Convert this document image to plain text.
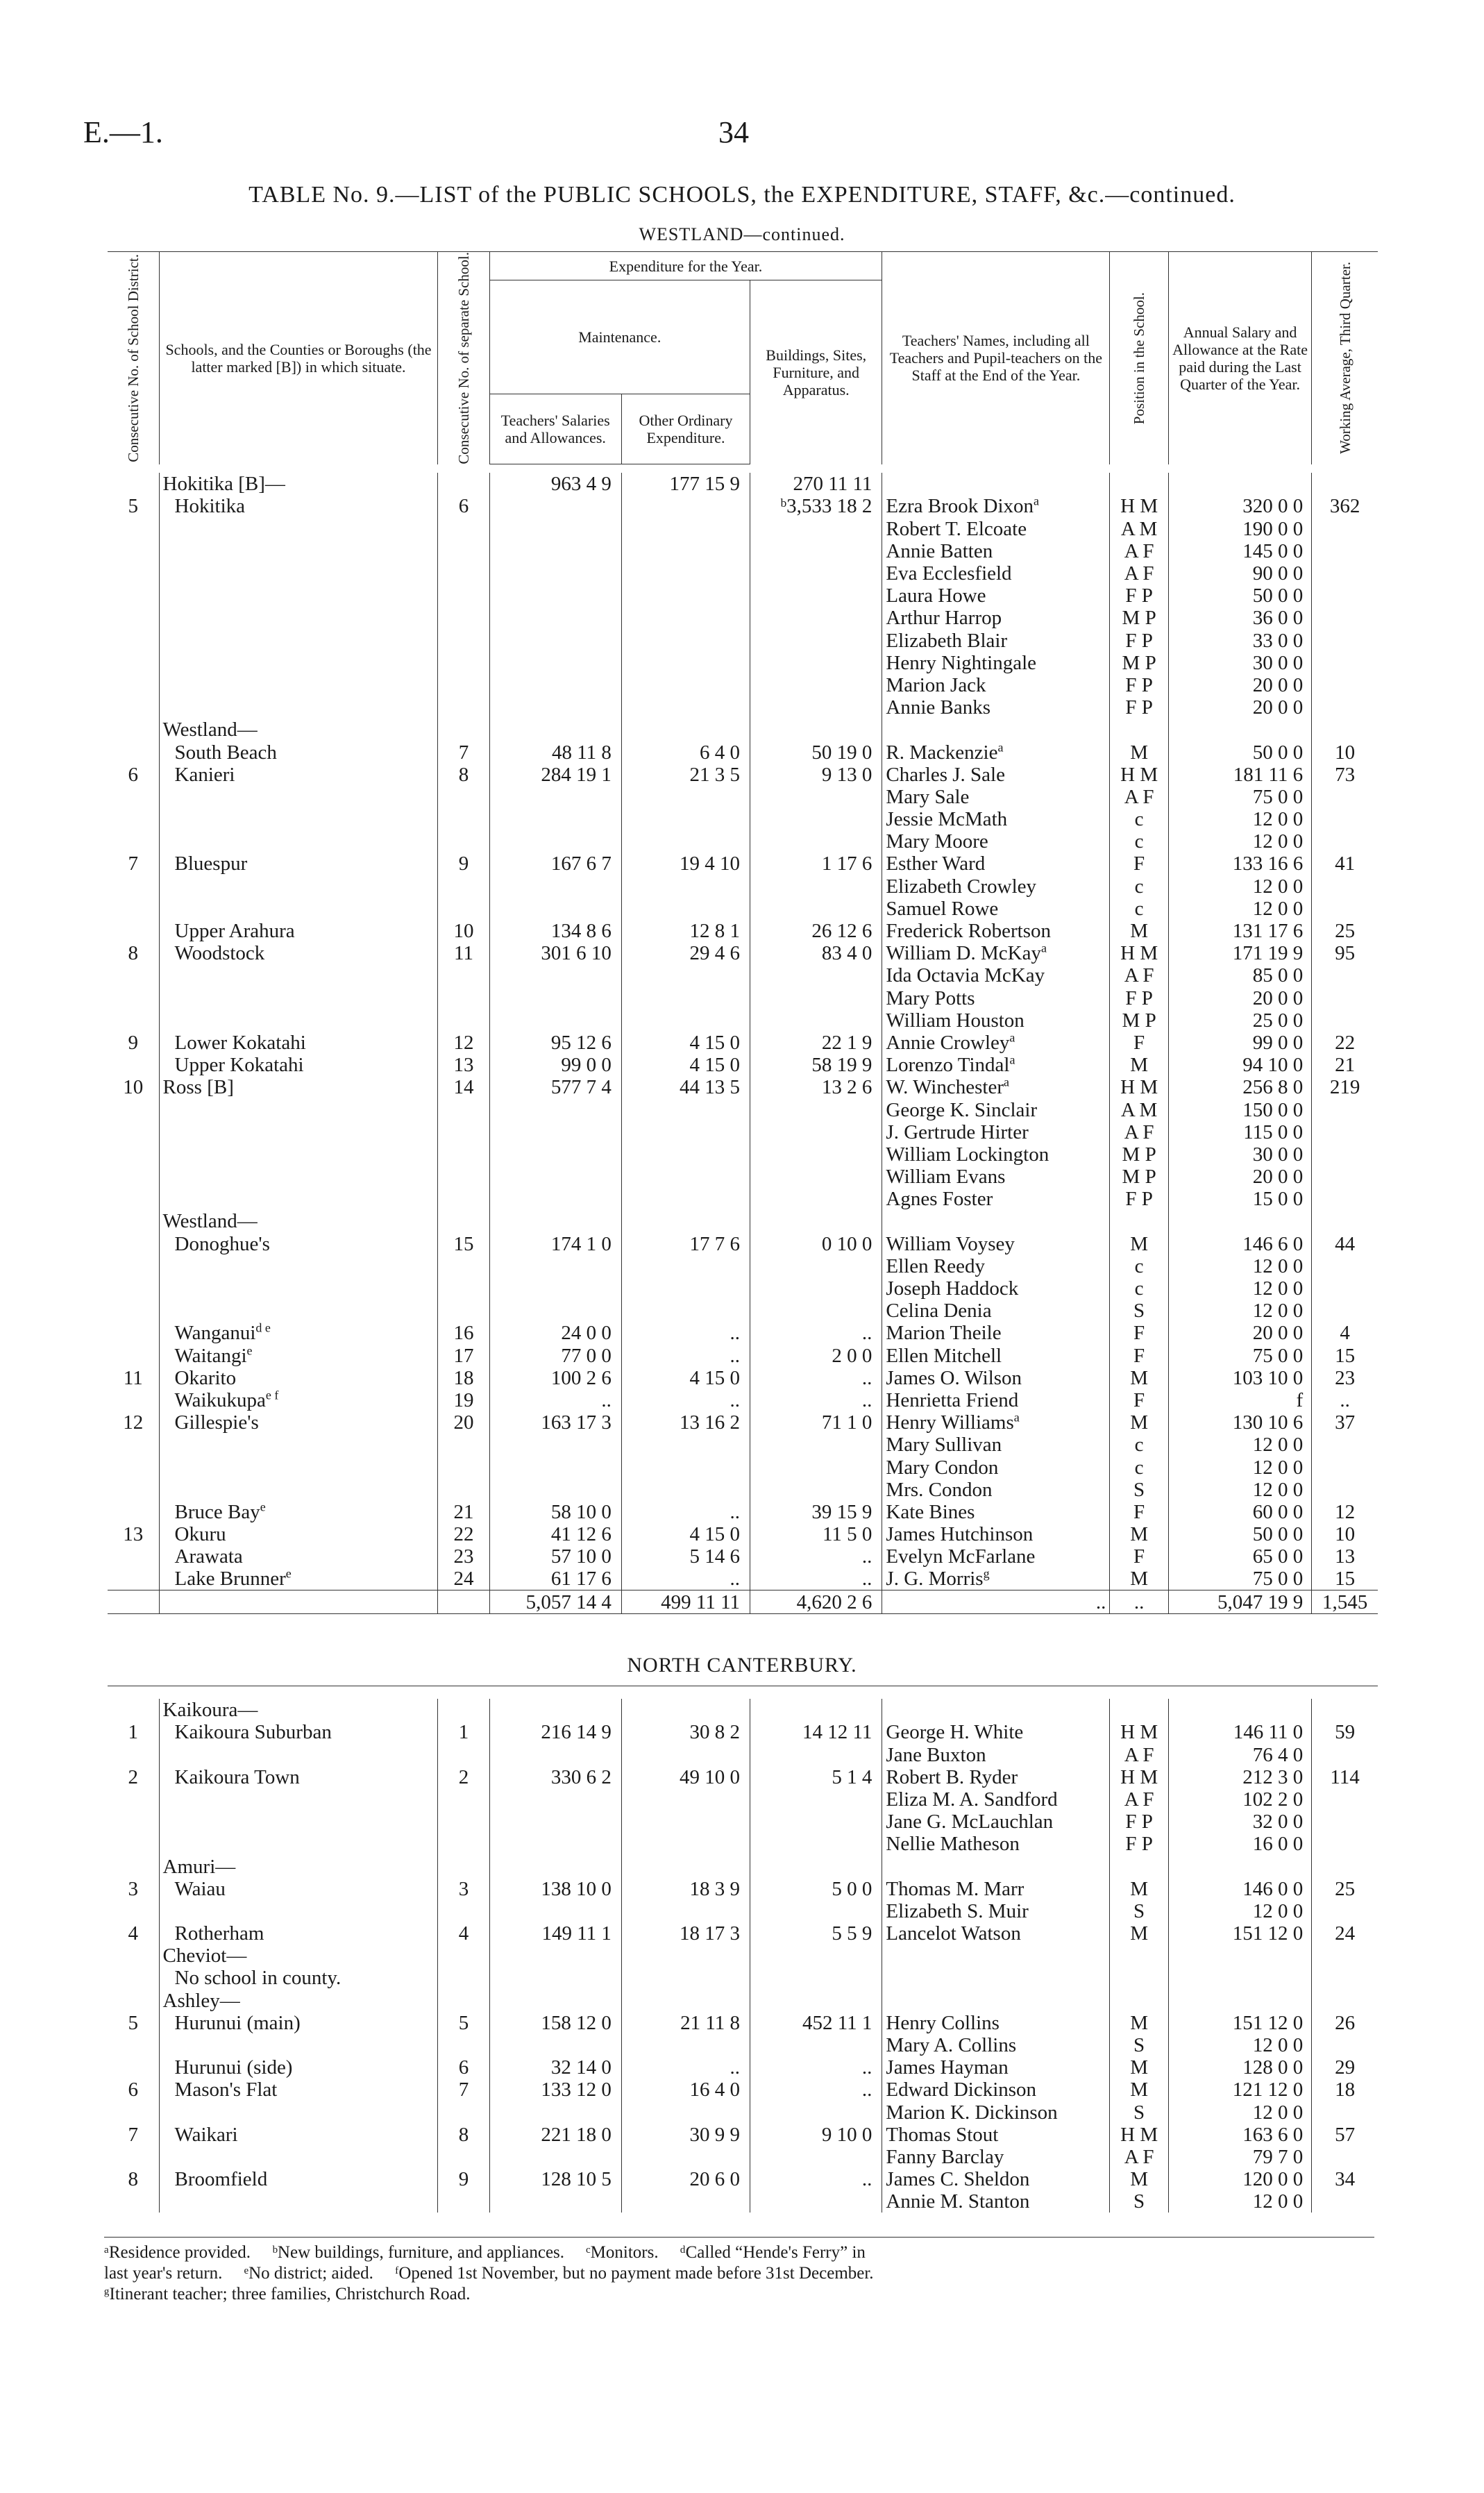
E.—1.	34
TABLE No. 9.—LIST of the PUBLIC SCHOOLS, the EXPENDITURE, STAFF, &c.—continued.
WESTLAND—continued.
Consecutive No. of School District.	Schools, and the Counties or Boroughs (the latter marked [B]) in which situate.	Consecutive No. of separate School.	Expenditure for the Year.			Teachers' Names, including all Teachers and Pupil-teachers on the Staff at the End of the Year.	Position in the School.	Annual Salary and Allowance at the Rate paid during the Last Quarter of the Year.	Working Average, Third Quarter.

			Maintenance.		Buildings, Sites, Furniture, and Apparatus.				
			Teachers' Salaries and Allowances.	Other Ordinary Expenditure.					

	Hokitika [B]—		963 4 9	177 15 9	270 11 11				
5	Hokitika	6			ᵇ3,533 18 2	Ezra Brook Dixon$^a$	H M	320 0 0	362
						Robert T. Elcoate	A M	190 0 0	
						Annie Batten	A F	145 0 0	
						Eva Ecclesfield	A F	90 0 0	
						Laura Howe	F P	50 0 0	
						Arthur Harrop	M P	36 0 0	
						Elizabeth Blair	F P	33 0 0	
						Henry Nightingale	M P	30 0 0	
						Marion Jack	F P	20 0 0	
						Annie Banks	F P	20 0 0	
	Westland—								
	South Beach	7	48 11 8	6 4 0	50 19 0	R. Mackenzie$^a$	M	50 0 0	10
6	Kanieri	8	284 19 1	21 3 5	9 13 0	Charles J. Sale	H M	181 11 6	73
						Mary Sale	A F	75 0 0	
						Jessie McMath	c	12 0 0	
						Mary Moore	c	12 0 0	
7	Bluespur	9	167 6 7	19 4 10	1 17 6	Esther Ward	F	133 16 6	41
						Elizabeth Crowley	c	12 0 0	
						Samuel Rowe	c	12 0 0	
	Upper Arahura	10	134 8 6	12 8 1	26 12 6	Frederick Robertson	M	131 17 6	25
8	Woodstock	11	301 6 10	29 4 6	83 4 0	William D. McKay$^a$	H M	171 19 9	95
						Ida Octavia McKay	A F	85 0 0	
						Mary Potts	F P	20 0 0	
						William Houston	M P	25 0 0	
9	Lower Kokatahi	12	95 12 6	4 15 0	22 1 9	Annie Crowley$^a$	F	99 0 0	22
	Upper Kokatahi	13	99 0 0	4 15 0	58 19 9	Lorenzo Tindal$^a$	M	94 10 0	21
10	Ross [B]	14	577 7 4	44 13 5	13 2 6	W. Winchester$^a$	H M	256 8 0	219
						George K. Sinclair	A M	150 0 0	
						J. Gertrude Hirter	A F	115 0 0	
						William Lockington	M P	30 0 0	
						William Evans	M P	20 0 0	
						Agnes Foster	F P	15 0 0	
	Westland—								
	Donoghue's	15	174 1 0	17 7 6	0 10 0	William Voysey	M	146 6 0	44
						Ellen Reedy	c	12 0 0	
						Joseph Haddock	c	12 0 0	
						Celina Denia	S	12 0 0	
	Wanganui$^{d e}$	16	24 0 0	..	..	Marion Theile	F	20 0 0	4
	Waitangi$^e$	17	77 0 0	..	2 0 0	Ellen Mitchell	F	75 0 0	15
11	Okarito	18	100 2 6	4 15 0	..	James O. Wilson	M	103 10 0	23
	Waikukupa$^{e f}$	19	..	..	..	Henrietta Friend	F	f	..
12	Gillespie's	20	163 17 3	13 16 2	71 1 0	Henry Williams$^a$	M	130 10 6	37
						Mary Sullivan	c	12 0 0	
						Mary Condon	c	12 0 0	
						Mrs. Condon	S	12 0 0	
	Bruce Bay$^e$	21	58 10 0	..	39 15 9	Kate Bines	F	60 0 0	12
13	Okuru	22	41 12 6	4 15 0	11 5 0	James Hutchinson	M	50 0 0	10
	Arawata	23	57 10 0	5 14 6	..	Evelyn McFarlane	F	65 0 0	13
	Lake Brunner$^e$	24	61 17 6	..	..	J. G. Morris$^g$	M	75 0 0	15
			5,057 14 4	499 11 11	4,620 2 6	..	..	5,047 19 9	1,545
NORTH CANTERBURY.

	Kaikoura—								
1	Kaikoura Suburban	1	216 14 9	30 8 2	14 12 11	George H. White	H M	146 11 0	59
						Jane Buxton	A F	76 4 0	
2	Kaikoura Town	2	330 6 2	49 10 0	5 1 4	Robert B. Ryder	H M	212 3 0	114
						Eliza M. A. Sandford	A F	102 2 0	
						Jane G. McLauchlan	F P	32 0 0	
						Nellie Matheson	F P	16 0 0	
	Amuri—								
3	Waiau	3	138 10 0	18 3 9	5 0 0	Thomas M. Marr	M	146 0 0	25
						Elizabeth S. Muir	S	12 0 0	
4	Rotherham	4	149 11 1	18 17 3	5 5 9	Lancelot Watson	M	151 12 0	24
	Cheviot—								
	No school in county.								
	Ashley—								
5	Hurunui (main)	5	158 12 0	21 11 8	452 11 1	Henry Collins	M	151 12 0	26
						Mary A. Collins	S	12 0 0	
	Hurunui (side)	6	32 14 0	..	..	James Hayman	M	128 0 0	29
6	Mason's Flat	7	133 12 0	16 4 0	..	Edward Dickinson	M	121 12 0	18
						Marion K. Dickinson	S	12 0 0	
7	Waikari	8	221 18 0	30 9 9	9 10 0	Thomas Stout	H M	163 6 0	57
						Fanny Barclay	A F	79 7 0	
8	Broomfield	9	128 10 5	20 6 0	..	James C. Sheldon	M	120 0 0	34
						Annie M. Stanton	S	12 0 0	

ᵃResidence provided.     ᵇNew buildings, furniture, and appliances.     ᶜMonitors.     ᵈCalled “Hende's Ferry” in

last year's return.     ᵉNo district; aided.     ᶠOpened 1st November, but no payment made before 31st December.

ᵍItinerant teacher; three families, Christchurch Road.
